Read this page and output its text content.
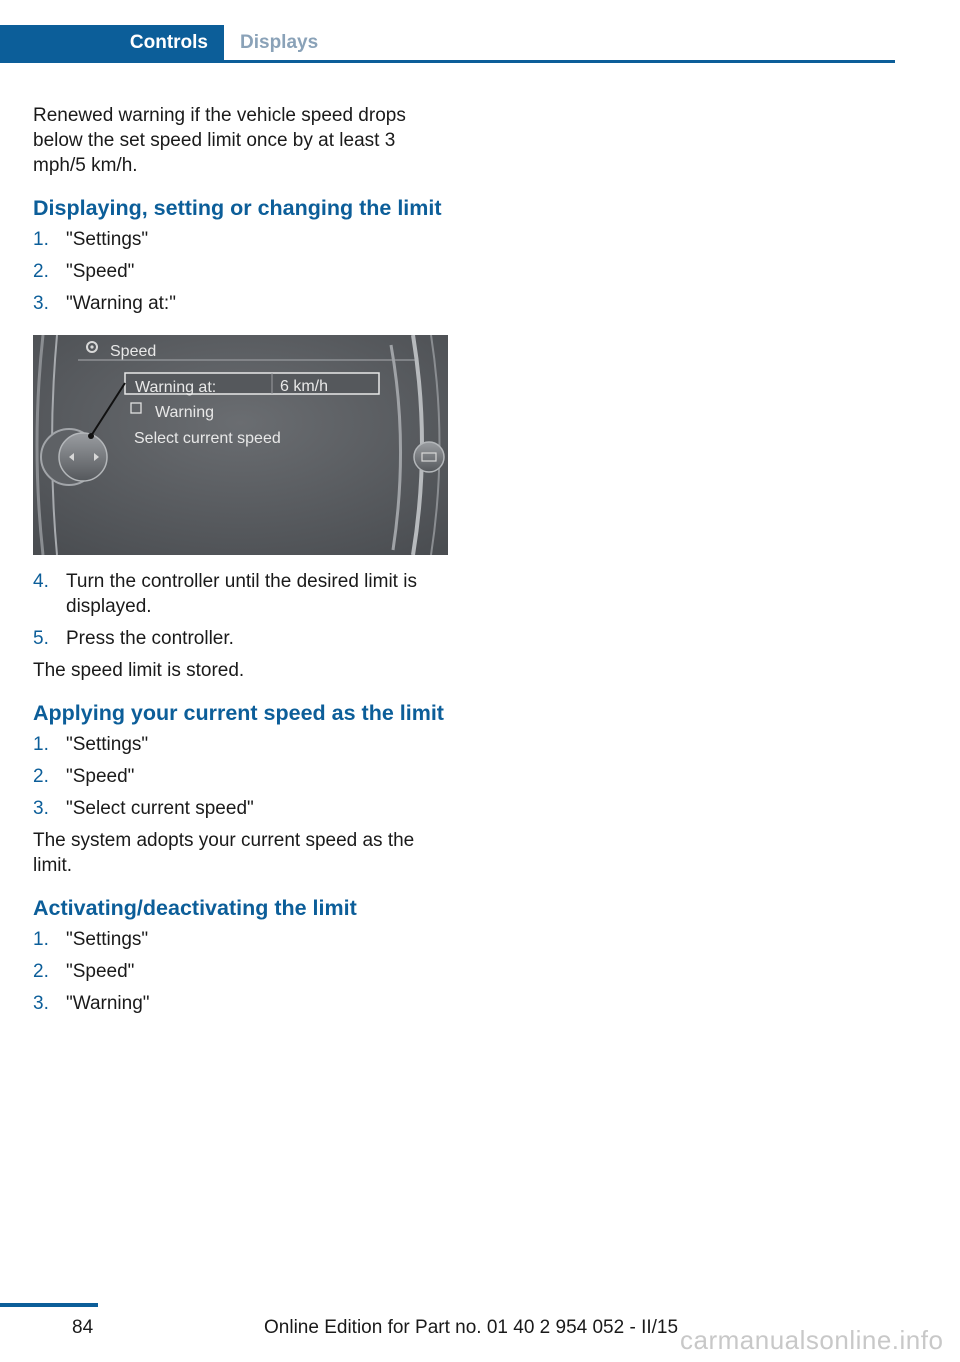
Controls	Displays

Renewed warning if the vehicle speed drops below the set speed limit once by at least 3 mph/5 km/h.

Displaying, setting or changing the limit
1. "Settings"
2. "Speed"
3. "Warning at:"
Speed
Warning at:	6 km/h
Warning
Select current speed
4. Turn the controller until the desired limit is displayed.
5. Press the controller.

The speed limit is stored.

Applying your current speed as the limit
1. "Settings"
2. "Speed"
3. "Select current speed"

The system adopts your current speed as the limit.

Activating/deactivating the limit
1. "Settings"
2. "Speed"
3. "Warning"
84	Online Edition for Part no. 01 40 2 954 052 - II/15 carmanualsonline.info
